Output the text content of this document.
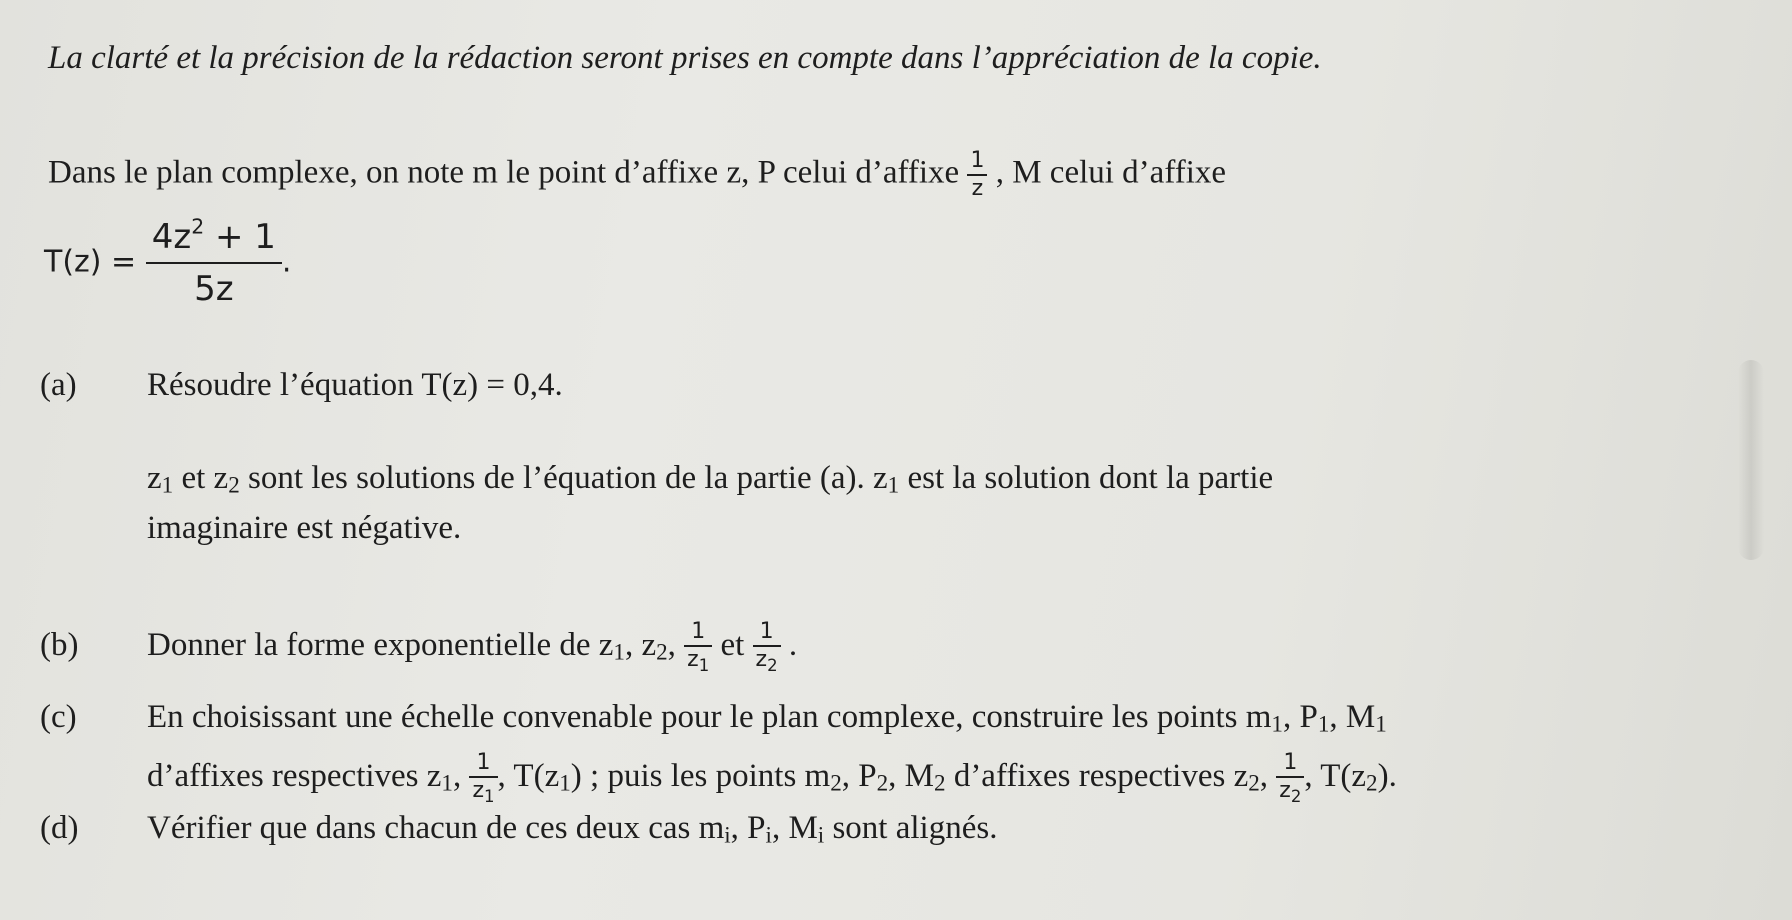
La clarté et la précision de la rédaction seront prises en compte dans l’appréciation de la copie.
Dans le plan complexe, on note m le point d’affixe z, P celui d’affixe $\frac{1}{z}$ , M celui d’affixe
$T(z) = \frac{4z^2 + 1}{5z}$ .
(a) Résoudre l’équation T(z) = 0,4.
$z_1$ et $z_2$ sont les solutions de l’équation de la partie (a). $z_1$ est la solution dont la partie
imaginaire est négative.
(b) Donner la forme exponentielle de $z_1$, $z_2$, $\frac{1}{z_1}$ et $\frac{1}{z_2}$ .
(c) En choisissant une échelle convenable pour le plan complexe, construire les points $m_1$, $P_1$, $M_1$
d’affixes respectives $z_1$, $\frac{1}{z_1}$ , $T(z_1)$ ; puis les points $m_2$, $P_2$, $M_2$ d’affixes respectives $z_2$, $\frac{1}{z_2}$ , $T(z_2)$.
(d) Vérifier que dans chacun de ces deux cas $m_i$, $P_i$, $M_i$ sont alignés.
